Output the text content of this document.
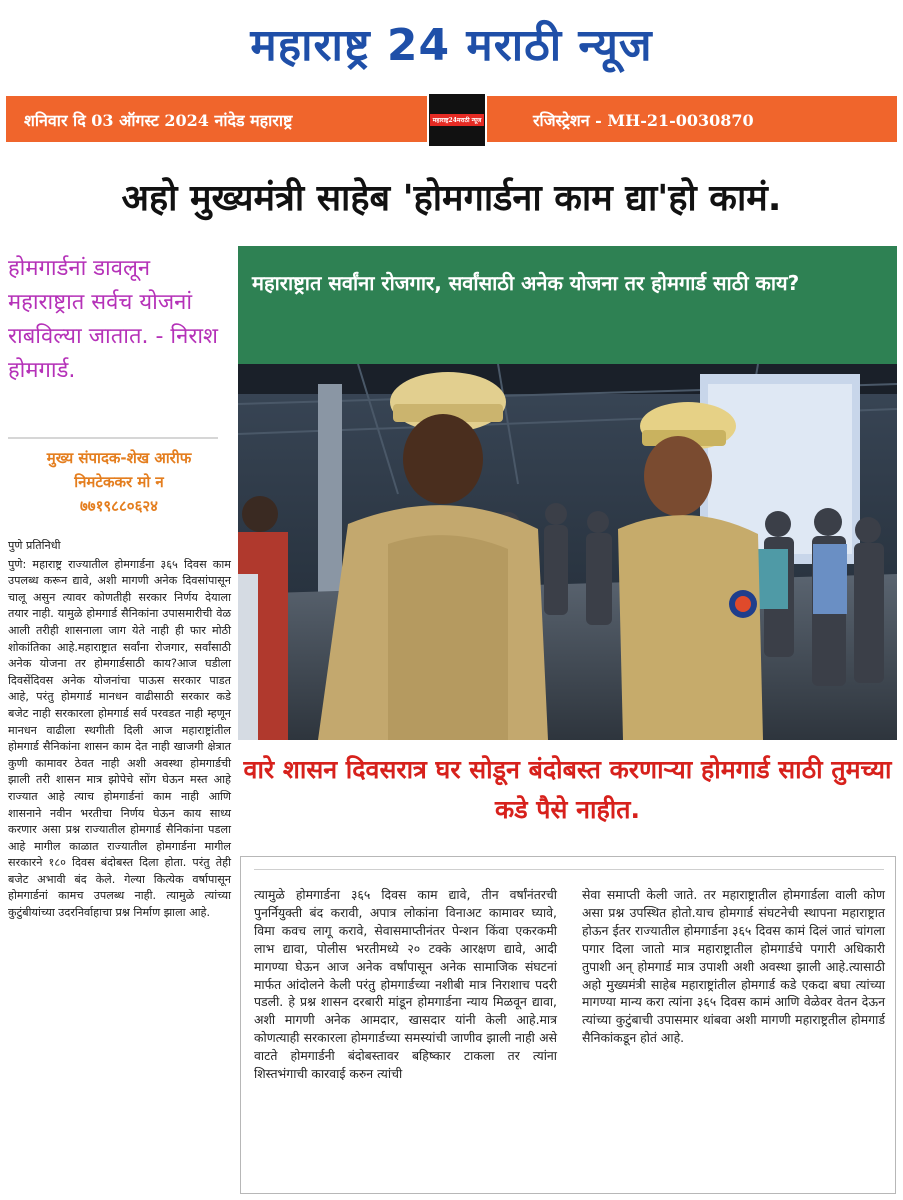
महाराष्ट्र 24 मराठी न्यूज
शनिवार दि 03 ऑगस्ट 2024 नांदेड महाराष्ट्र	महाराष्ट्र24मराठी न्यूज	रजिस्ट्रेशन - MH-21-0030870
अहो मुख्यमंत्री साहेब 'होमगार्डना काम द्या'हो कामं.

होमगार्डनां डावलून महाराष्ट्रात सर्वच योजनां राबविल्या जातात. - निराश होमगार्ड.

मुख्य संपादक-शेख आरीफ
निमटेककर मो न
७७१९८८०६२४
पुणे प्रतिनिधी
पुणे: महाराष्ट्र राज्यातील होमगार्डना ३६५ दिवस काम उपलब्ध करून द्यावे, अशी मागणी अनेक दिवसांपासून चालू असुन त्यावर कोणतीही सरकार निर्णय देयाला तयार नाही. यामुळे होमगार्ड सैनिकांना उपासमारीची वेळ आली तरीही शासनाला जाग येते नाही ही फार मोठी शोकांतिका आहे.महाराष्ट्रात सर्वांना रोजगार, सर्वांसाठी अनेक योजना तर होमगार्डसाठी काय?आज घडीला दिवसेंदिवस अनेक योजनांचा पाऊस सरकार पाडत आहे, परंतु होमगार्ड मानधन वाढीसाठी सरकार कडे बजेट नाही सरकारला होमगार्ड सर्व परवडत नाही म्हणून मानधन वाढीला स्थगीती दिली आज महाराष्ट्रांतील होमगार्ड सैनिकांना शासन काम देत नाही खाजगी क्षेत्रात कुणी कामावर ठेवत नाही अशी अवस्था होमगार्डची झाली तरी शासन मात्र झोपेचे सोंग घेऊन मस्त आहे राज्यात आहे त्याच होमगार्डनां काम नाही आणि शासनाने नवीन भरतीचा निर्णय घेऊन काय साध्य करणार असा प्रश्न राज्यातील होमगार्ड सैनिकांना पडला आहे मागील काळात राज्यातील होमगार्डना मागील सरकारने १८० दिवस बंदोबस्त दिला होता. परंतु तेही बजेट अभावी बंद केले. गेल्या कित्येक वर्षापासून होमगार्डनां कामच उपलब्ध नाही. त्यामुळे त्यांच्या कुटुंबीयांच्या उदरनिर्वाहाचा प्रश्न निर्माण झाला आहे.
महाराष्ट्रात सर्वांना रोजगार, सर्वांसाठी अनेक योजना तर होमगार्ड साठी काय?
वारे शासन दिवसरात्र घर सोडून बंदोबस्त करणाऱ्या होमगार्ड साठी तुमच्या कडे पैसे नाहीत.

त्यामुळे होमगार्डना ३६५ दिवस काम द्यावे, तीन वर्षांनंतरची पुनर्नियुक्ती बंद करावी, अपात्र लोकांना विनाअट कामावर घ्यावे, विमा कवच लागू करावे, सेवासमाप्तीनंतर पेन्शन किंवा एकरकमी लाभ द्यावा, पोलीस भरतीमध्ये २० टक्के आरक्षण द्यावे, आदी मागण्या घेऊन आज अनेक वर्षांपासून अनेक सामाजिक संघटनां मार्फत आंदोलने केली परंतु होमगार्डच्या नशीबी मात्र निराशाच पदरी पडली. हे प्रश्न शासन दरबारी मांडून होमगार्डना न्याय मिळवून द्यावा, अशी मागणी अनेक आमदार, खासदार यांनी केली आहे.मात्र कोणत्याही सरकारला होमगार्डच्या समस्यांची जाणीव झाली नाही असे वाटते होमगार्डनी बंदोबस्तावर बहिष्कार टाकला तर त्यांना शिस्तभंगाची कारवाई करुन त्यांची

सेवा समाप्ती केली जाते. तर महाराष्ट्रातील होमगार्डला वाली कोण असा प्रश्न उपस्थित होतो.याच होमगार्ड संघटनेची स्थापना महाराष्ट्रात होऊन ईतर राज्यातील होमगार्डना ३६५ दिवस कामं दिलं जातं चांगला पगार दिला जातो मात्र महाराष्ट्रातील होमगार्डचे पगारी अधिकारी तुपाशी अन् होमगार्ड मात्र उपाशी अशी अवस्था झाली आहे.त्यासाठी अहो मुख्यमंत्री साहेब महाराष्ट्रांतील होमगार्ड कडे एकदा बघा त्यांच्या मागण्या मान्य करा त्यांना ३६५ दिवस कामं आणि वेळेवर वेतन देऊन त्यांच्या कुटुंबाची उपासमार थांबवा अशी मागणी महाराष्ट्रतील होमगार्ड सैनिकांकडून होतं आहे.
